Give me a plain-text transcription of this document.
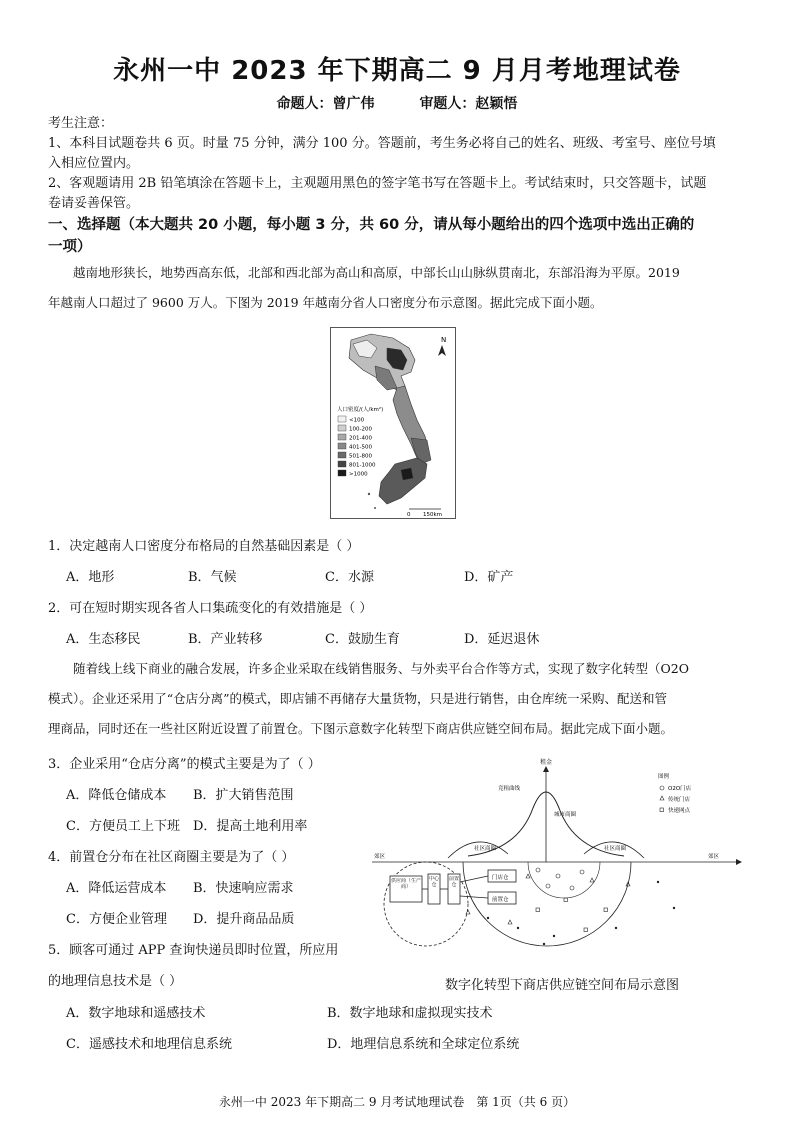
永州一中 2023 年下期高二 9 月月考地理试卷
命题人：曾广伟	审题人：赵颖悟
考生注意：
1、本科目试题卷共 6 页。时量 75 分钟，满分 100 分。答题前，考生务必将自己的姓名、班级、考室号、座位号填
入相应位置内。
2、客观题请用 2B 铅笔填涂在答题卡上，主观题用黑色的签字笔书写在答题卡上。考试结束时，只交答题卡，试题
卷请妥善保管。
一、选择题（本大题共 20 小题，每小题 3 分，共 60 分，请从每小题给出的四个选项中选出正确的
一项）
越南地形狭长，地势西高东低，北部和西北部为高山和高原，中部长山山脉纵贯南北，东部沿海为平原。2019
年越南人口超过了 9600 万人。下图为 2019 年越南分省人口密度分布示意图。据此完成下面小题。
N
人口密度/(人/km²)
<100
100-200
201-400
401-500
501-800
801-1000
>1000
0 150km
1．决定越南人口密度分布格局的自然基础因素是（ ）
A．地形	B．气候	C．水源	D．矿产
2．可在短时期实现各省人口集疏变化的有效措施是（ ）
A．生态移民	B．产业转移	C．鼓励生育	D．延迟退休
随着线上线下商业的融合发展，许多企业采取在线销售服务、与外卖平台合作等方式，实现了数字化转型（O2O
模式）。企业还采用了“仓店分离”的模式，即店铺不再储存大量货物，只是进行销售，由仓库统一采购、配送和管
理商品，同时还在一些社区附近设置了前置仓。下图示意数字化转型下商店供应链空间布局。据此完成下面小题。
3．企业采用“仓店分离”的模式主要是为了（ ）
A．降低仓储成本 B．扩大销售范围
C．方便员工上下班 D．提高土地利用率
4．前置仓分布在社区商圈主要是为了（ ）
A．降低运营成本 B．快速响应需求
C．方便企业管理 D．提升商品品质
5．顾客可通过 APP 查询快递员即时位置，所应用
的地理信息技术是（ ）
A．数字地球和遥感技术	B．数字地球和虚拟现实技术
C．遥感技术和地理信息系统	D．地理信息系统和全球定位系统
租金
竞租曲线
城市商圈
社区商圈	社区商圈
郊区	郊区
供应商（生产商）
中心仓
前置仓
门店仓
前置仓
图例
O2O门店
传统门店
快递网点
数字化转型下商店供应链空间布局示意图
永州一中 2023 年下期高二 9 月考试地理试卷　第 1页（共 6 页）
